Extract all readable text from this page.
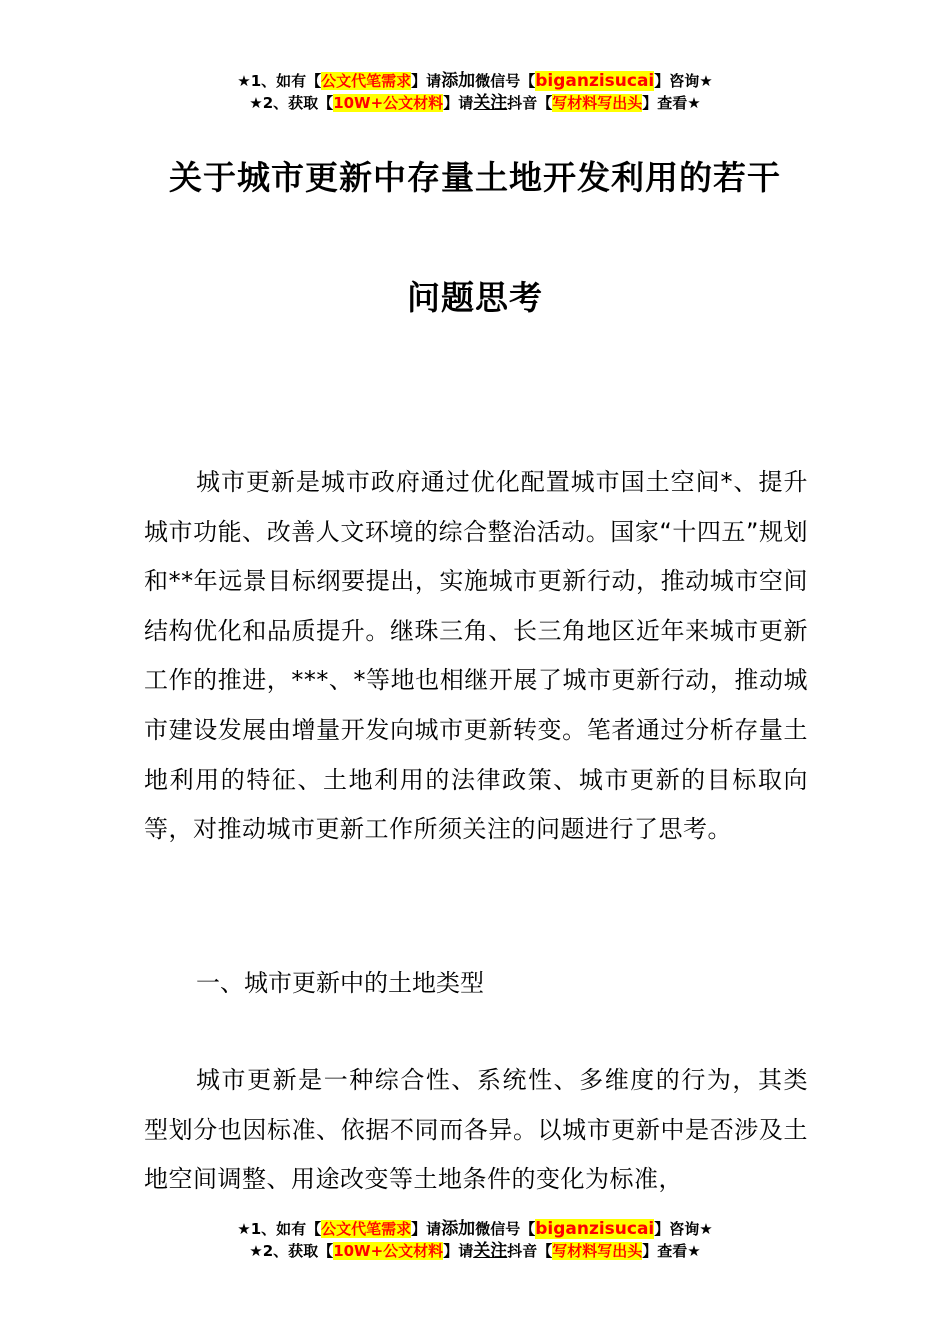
★1、如有【公文代笔需求】请添加微信号【biganzisucai】咨询★
★2、获取【10W+公文材料】请关注抖音【写材料写出头】查看★
关于城市更新中存量土地开发利用的若干
问题思考
城市更新是城市政府通过优化配置城市国土空间*、提升城市功能、改善人文环境的综合整治活动。国家“十四五”规划和**年远景目标纲要提出，实施城市更新行动，推动城市空间结构优化和品质提升。继珠三角、长三角地区近年来城市更新工作的推进，***、*等地也相继开展了城市更新行动，推动城市建设发展由增量开发向城市更新转变。笔者通过分析存量土地利用的特征、土地利用的法律政策、城市更新的目标取向等，对推动城市更新工作所须关注的问题进行了思考。
一、城市更新中的土地类型
城市更新是一种综合性、系统性、多维度的行为，其类型划分也因标准、依据不同而各异。以城市更新中是否涉及土地空间调整、用途改变等土地条件的变化为标准，
★1、如有【公文代笔需求】请添加微信号【biganzisucai】咨询★
★2、获取【10W+公文材料】请关注抖音【写材料写出头】查看★
